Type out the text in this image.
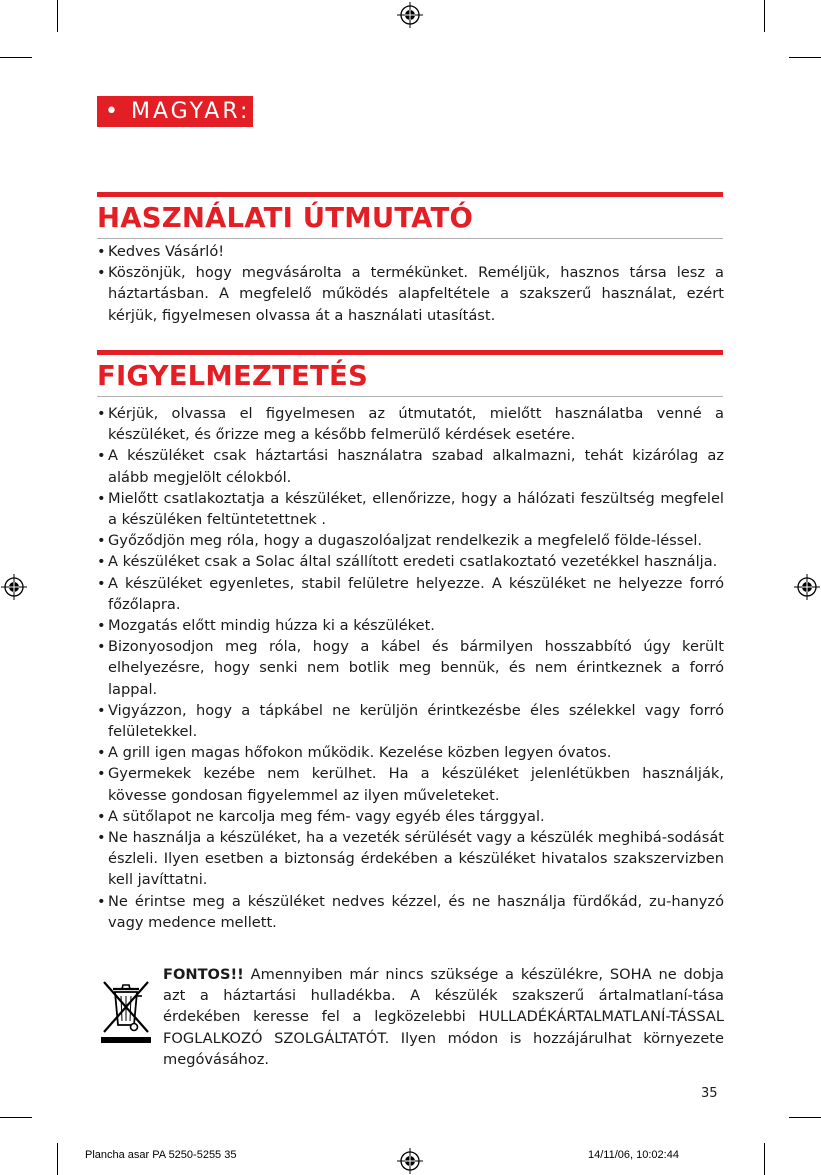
• MAGYAR:
HASZNÁLATI ÚTMUTATÓ
• Kedves Vásárló!
• Köszönjük, hogy megvásárolta a termékünket. Reméljük, hasznos társa lesz a háztartásban. A megfelelő működés alapfeltétele a szakszerű használat, ezért kérjük, figyelmesen olvassa át a használati utasítást.
FIGYELMEZTETÉS
• Kérjük, olvassa el figyelmesen az útmutatót, mielőtt használatba venné a készüléket, és őrizze meg a később felmerülő kérdések esetére.
• A készüléket csak háztartási használatra szabad alkalmazni, tehát kizárólag az alább megjelölt célokból.
• Mielőtt csatlakoztatja a készüléket, ellenőrizze, hogy a hálózati feszültség megfelel a készüléken feltüntetettnek .
• Győződjön meg róla, hogy a dugaszolóaljzat rendelkezik a megfelelő földe-léssel.
• A készüléket csak a Solac által szállított eredeti csatlakoztató vezetékkel használja.
• A készüléket egyenletes, stabil felületre helyezze. A készüléket ne helyezze forró főzőlapra.
• Mozgatás előtt mindig húzza ki a készüléket.
• Bizonyosodjon meg róla, hogy a kábel és bármilyen hosszabbító úgy került elhelyezésre, hogy senki nem botlik meg bennük, és nem érintkeznek a forró lappal.
• Vigyázzon, hogy a tápkábel ne kerüljön érintkezésbe éles szélekkel vagy forró felületekkel.
• A grill igen magas hőfokon működik. Kezelése közben legyen óvatos.
• Gyermekek kezébe nem kerülhet. Ha a készüléket jelenlétükben használják, kövesse gondosan figyelemmel az ilyen műveleteket.
• A sütőlapot ne karcolja meg fém- vagy egyéb éles tárggyal.
• Ne használja a készüléket, ha a vezeték sérülését vagy a készülék meghibá-sodását észleli. Ilyen esetben a biztonság érdekében a készüléket hivatalos szakszervizben kell javíttatni.
• Ne érintse meg a készüléket nedves kézzel, és ne használja fürdőkád, zu-hanyzó vagy medence mellett.
FONTOS!! Amennyiben már nincs szüksége a készülékre, SOHA ne dobja azt a háztartási hulladékba. A készülék szakszerű ártalmatlaní-tása érdekében keresse fel a legközelebbi HULLADÉKÁRTALMATLANÍ-TÁSSAL FOGLALKOZÓ SZOLGÁLTATÓT. Ilyen módon is hozzájárulhat környezete megóvásához.
35
Plancha asar PA 5250-5255 35	14/11/06, 10:02:44
